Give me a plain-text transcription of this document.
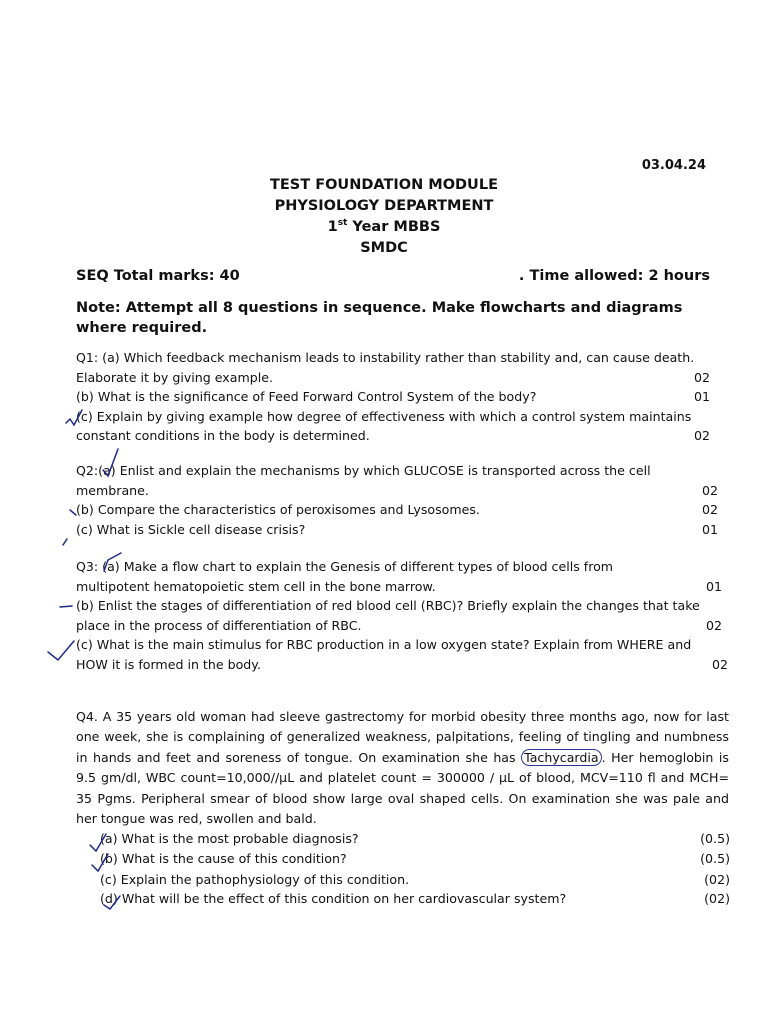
03.04.24
TEST FOUNDATION MODULE
PHYSIOLOGY DEPARTMENT
1st Year MBBS
SMDC
SEQ Total marks: 40	. Time allowed: 2 hours
Note: Attempt all 8 questions in sequence. Make flowcharts and diagrams where required.
Q1: (a) Which feedback mechanism leads to instability rather than stability and, can cause death.
Elaborate it by giving example.	02
(b) What is the significance of Feed Forward Control System of the body?	01
(c) Explain by giving example how degree of effectiveness with which a control system maintains
constant conditions in the body is determined.	02
Q2:(a) Enlist and explain the mechanisms by which GLUCOSE is transported across the cell
membrane.	02
(b) Compare the characteristics of peroxisomes and Lysosomes.	02
(c) What is Sickle cell disease crisis?	01
Q3: (a) Make a flow chart to explain the Genesis of different types of blood cells from
multipotent hematopoietic stem cell in the bone marrow.	01
(b) Enlist the stages of differentiation of red blood cell (RBC)? Briefly explain the changes that take
place in the process of differentiation of RBC.	02
(c) What is the main stimulus for RBC production in a low oxygen state? Explain from WHERE and
HOW it is formed in the body.	02
Q4. A 35 years old woman had sleeve gastrectomy for morbid obesity three months ago, now for last one week, she is complaining of generalized weakness, palpitations, feeling of tingling and numbness in hands and feet and soreness of tongue. On examination she has Tachycardia . Her hemoglobin is 9.5 gm/dl, WBC count=10,000//µL and platelet count = 300000 / µL of blood, MCV=110 fl and MCH= 35 Pgms. Peripheral smear of blood show large oval shaped cells. On examination she was pale and her tongue was red, swollen and bald.
(a) What is the most probable diagnosis?	(0.5)
(b) What is the cause of this condition?	(0.5)
(c) Explain the pathophysiology of this condition.	(02)
(d) What will be the effect of this condition on her cardiovascular system?	(02)
